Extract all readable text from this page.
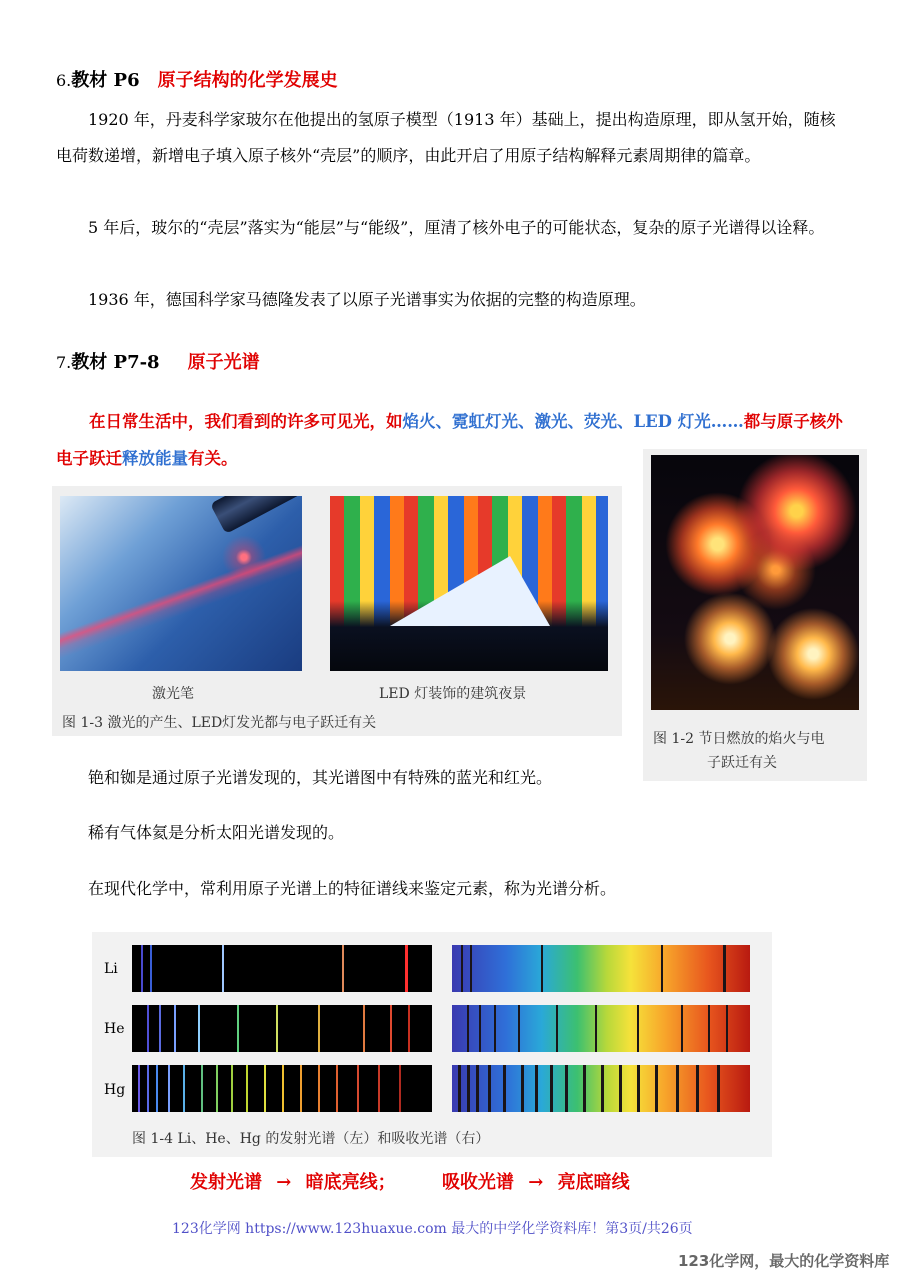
6.教材 P6 原子结构的化学发展史
1920 年，丹麦科学家玻尔在他提出的氢原子模型（1913 年）基础上，提出构造原理，即从氢开始，随核电荷数递增，新增电子填入原子核外“壳层”的顺序，由此开启了用原子结构解释元素周期律的篇章。
5 年后，玻尔的“壳层”落实为“能层”与“能级”，厘清了核外电子的可能状态，复杂的原子光谱得以诠释。
1936 年，德国科学家马德隆发表了以原子光谱事实为依据的完整的构造原理。
7.教材 P7-8 原子光谱
在日常生活中，我们看到的许多可见光，如焰火、霓虹灯光、激光、荧光、LED 灯光……都与原子核外电子跃迁释放能量有关。
激光笔	LED 灯装饰的建筑夜景
图 1-3 激光的产生、LED灯发光都与电子跃迁有关
图 1-2 节日燃放的焰火与电
子跃迁有关
铯和铷是通过原子光谱发现的，其光谱图中有特殊的蓝光和红光。
稀有气体氦是分析太阳光谱发现的。
在现代化学中，常利用原子光谱上的特征谱线来鉴定元素，称为光谱分析。
Li
He
Hg
图 1-4 Li、He、Hg 的发射光谱（左）和吸收光谱（右）
发射光谱 → 暗底亮线；	吸收光谱 → 亮底暗线
123化学网 https://www.123huaxue.com 最大的中学化学资料库！第3页/共26页
123化学网，最大的化学资料库
